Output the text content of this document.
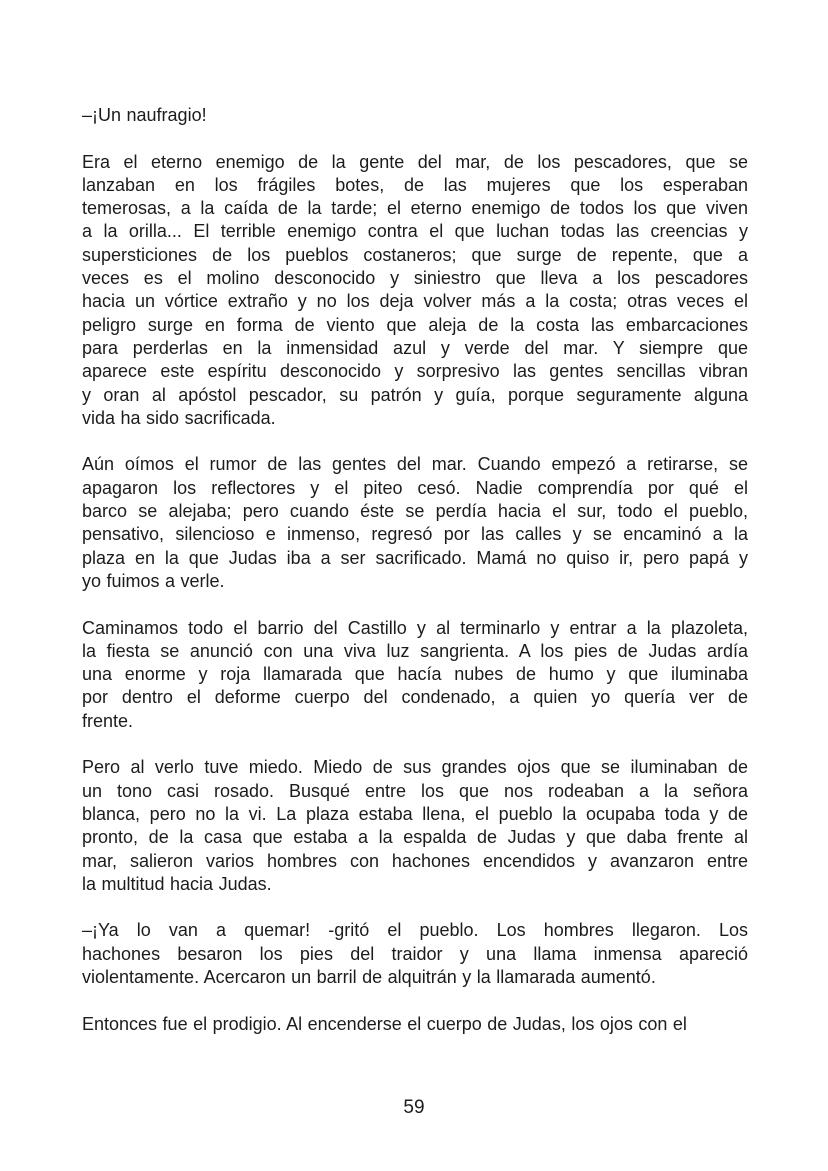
–¡Un naufragio!

Era el eterno enemigo de la gente del mar, de los pescadores, que se
lanzaban en los frágiles botes, de las mujeres que los esperaban
temerosas, a la caída de la tarde; el eterno enemigo de todos los que viven
a la orilla... El terrible enemigo contra el que luchan todas las creencias y
supersticiones de los pueblos costaneros; que surge de repente, que a
veces es el molino desconocido y siniestro que lleva a los pescadores
hacia un vórtice extraño y no los deja volver más a la costa; otras veces el
peligro surge en forma de viento que aleja de la costa las embarcaciones
para perderlas en la inmensidad azul y verde del mar. Y siempre que
aparece este espíritu desconocido y sorpresivo las gentes sencillas vibran
y oran al apóstol pescador, su patrón y guía, porque seguramente alguna
vida ha sido sacrificada.

Aún oímos el rumor de las gentes del mar. Cuando empezó a retirarse, se
apagaron los reflectores y el piteo cesó. Nadie comprendía por qué el
barco se alejaba; pero cuando éste se perdía hacia el sur, todo el pueblo,
pensativo, silencioso e inmenso, regresó por las calles y se encaminó a la
plaza en la que Judas iba a ser sacrificado. Mamá no quiso ir, pero papá y
yo fuimos a verle.

Caminamos todo el barrio del Castillo y al terminarlo y entrar a la plazoleta,
la fiesta se anunció con una viva luz sangrienta. A los pies de Judas ardía
una enorme y roja llamarada que hacía nubes de humo y que iluminaba
por dentro el deforme cuerpo del condenado, a quien yo quería ver de
frente.

Pero al verlo tuve miedo. Miedo de sus grandes ojos que se iluminaban de
un tono casi rosado. Busqué entre los que nos rodeaban a la señora
blanca, pero no la vi. La plaza estaba llena, el pueblo la ocupaba toda y de
pronto, de la casa que estaba a la espalda de Judas y que daba frente al
mar, salieron varios hombres con hachones encendidos y avanzaron entre
la multitud hacia Judas.

–¡Ya lo van a quemar! -gritó el pueblo. Los hombres llegaron. Los
hachones besaron los pies del traidor y una llama inmensa apareció
violentamente. Acercaron un barril de alquitrán y la llamarada aumentó.

Entonces fue el prodigio. Al encenderse el cuerpo de Judas, los ojos con el

59
